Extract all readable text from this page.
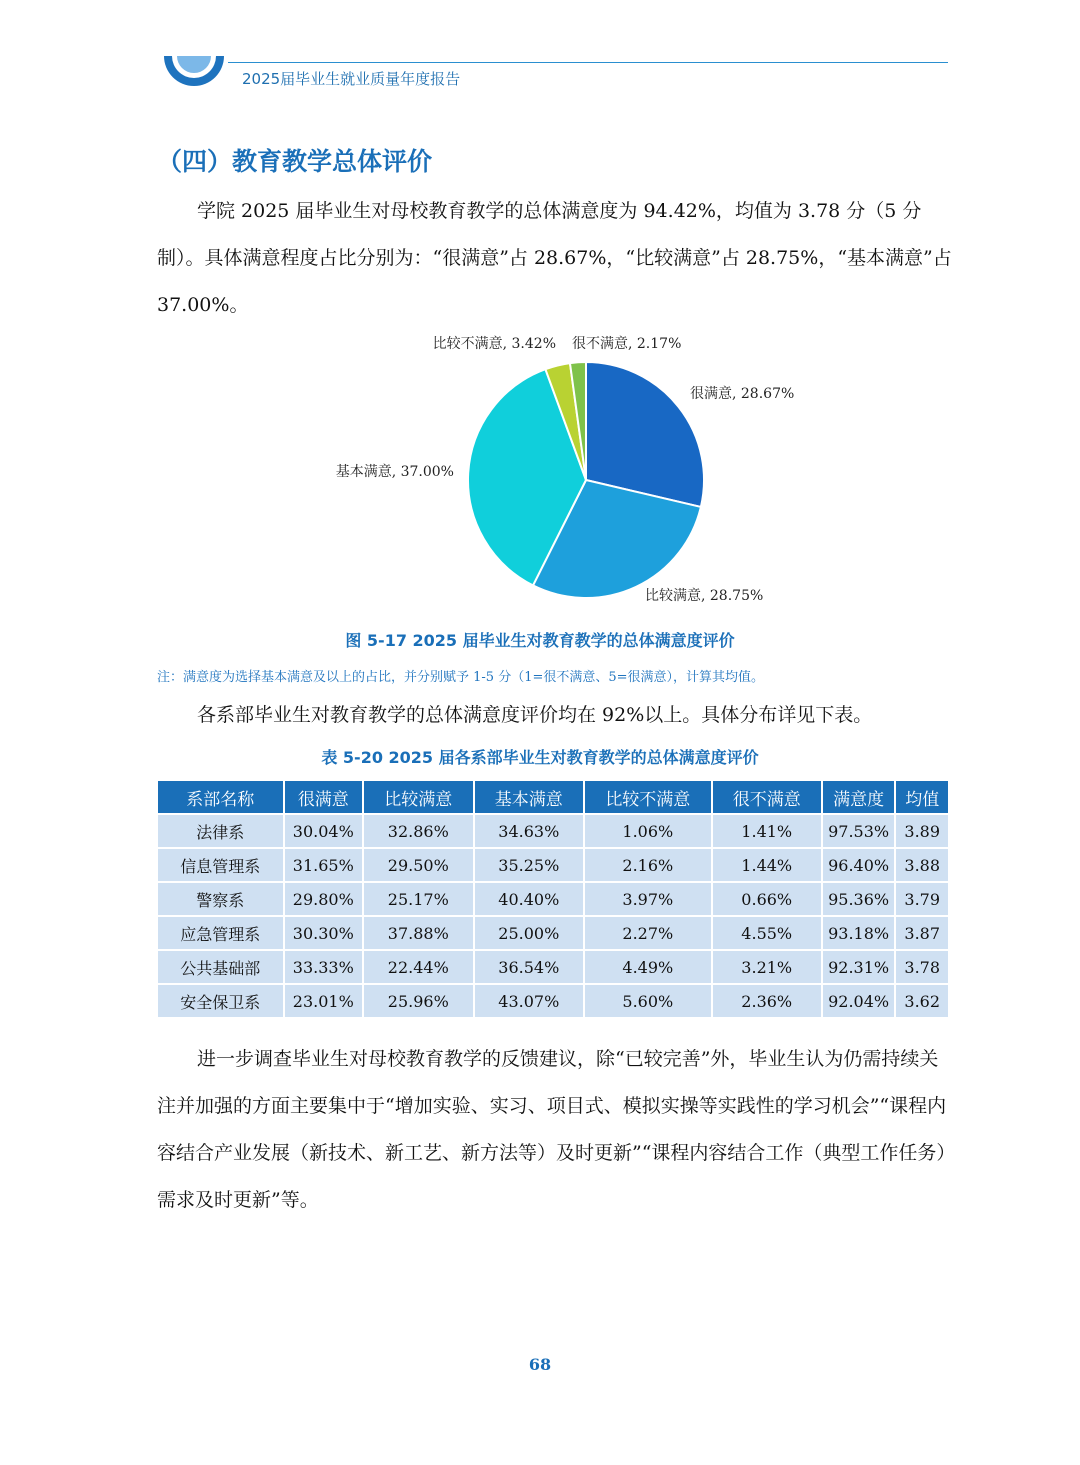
2025届毕业生就业质量年度报告
（四）教育教学总体评价
学院 2025 届毕业生对母校教育教学的总体满意度为 94.42%，均值为 3.78 分（5 分制）。具体满意程度占比分别为：“很满意”占 28.67%，“比较满意”占 28.75%，“基本满意”占 37.00%。
很满意, 28.67%
比较满意, 28.75%
基本满意, 37.00%
比较不满意, 3.42% 很不满意, 2.17%
图 5-17 2025 届毕业生对教育教学的总体满意度评价
注：满意度为选择基本满意及以上的占比，并分别赋予 1-5 分（1=很不满意、5=很满意），计算其均值。
各系部毕业生对教育教学的总体满意度评价均在 92%以上。具体分布详见下表。
表 5-20 2025 届各系部毕业生对教育教学的总体满意度评价
系部名称	很满意	比较满意	基本满意	比较不满意	很不满意	满意度	均值
法律系	30.04%	32.86%	34.63%	1.06%	1.41%	97.53%	3.89
信息管理系	31.65%	29.50%	35.25%	2.16%	1.44%	96.40%	3.88
警察系	29.80%	25.17%	40.40%	3.97%	0.66%	95.36%	3.79
应急管理系	30.30%	37.88%	25.00%	2.27%	4.55%	93.18%	3.87
公共基础部	33.33%	22.44%	36.54%	4.49%	3.21%	92.31%	3.78
安全保卫系	23.01%	25.96%	43.07%	5.60%	2.36%	92.04%	3.62
进一步调查毕业生对母校教育教学的反馈建议，除“已较完善”外，毕业生认为仍需持续关注并加强的方面主要集中于“增加实验、实习、项目式、模拟实操等实践性的学习机会”“课程内容结合产业发展（新技术、新工艺、新方法等）及时更新”“课程内容结合工作（典型工作任务）需求及时更新”等。
68
